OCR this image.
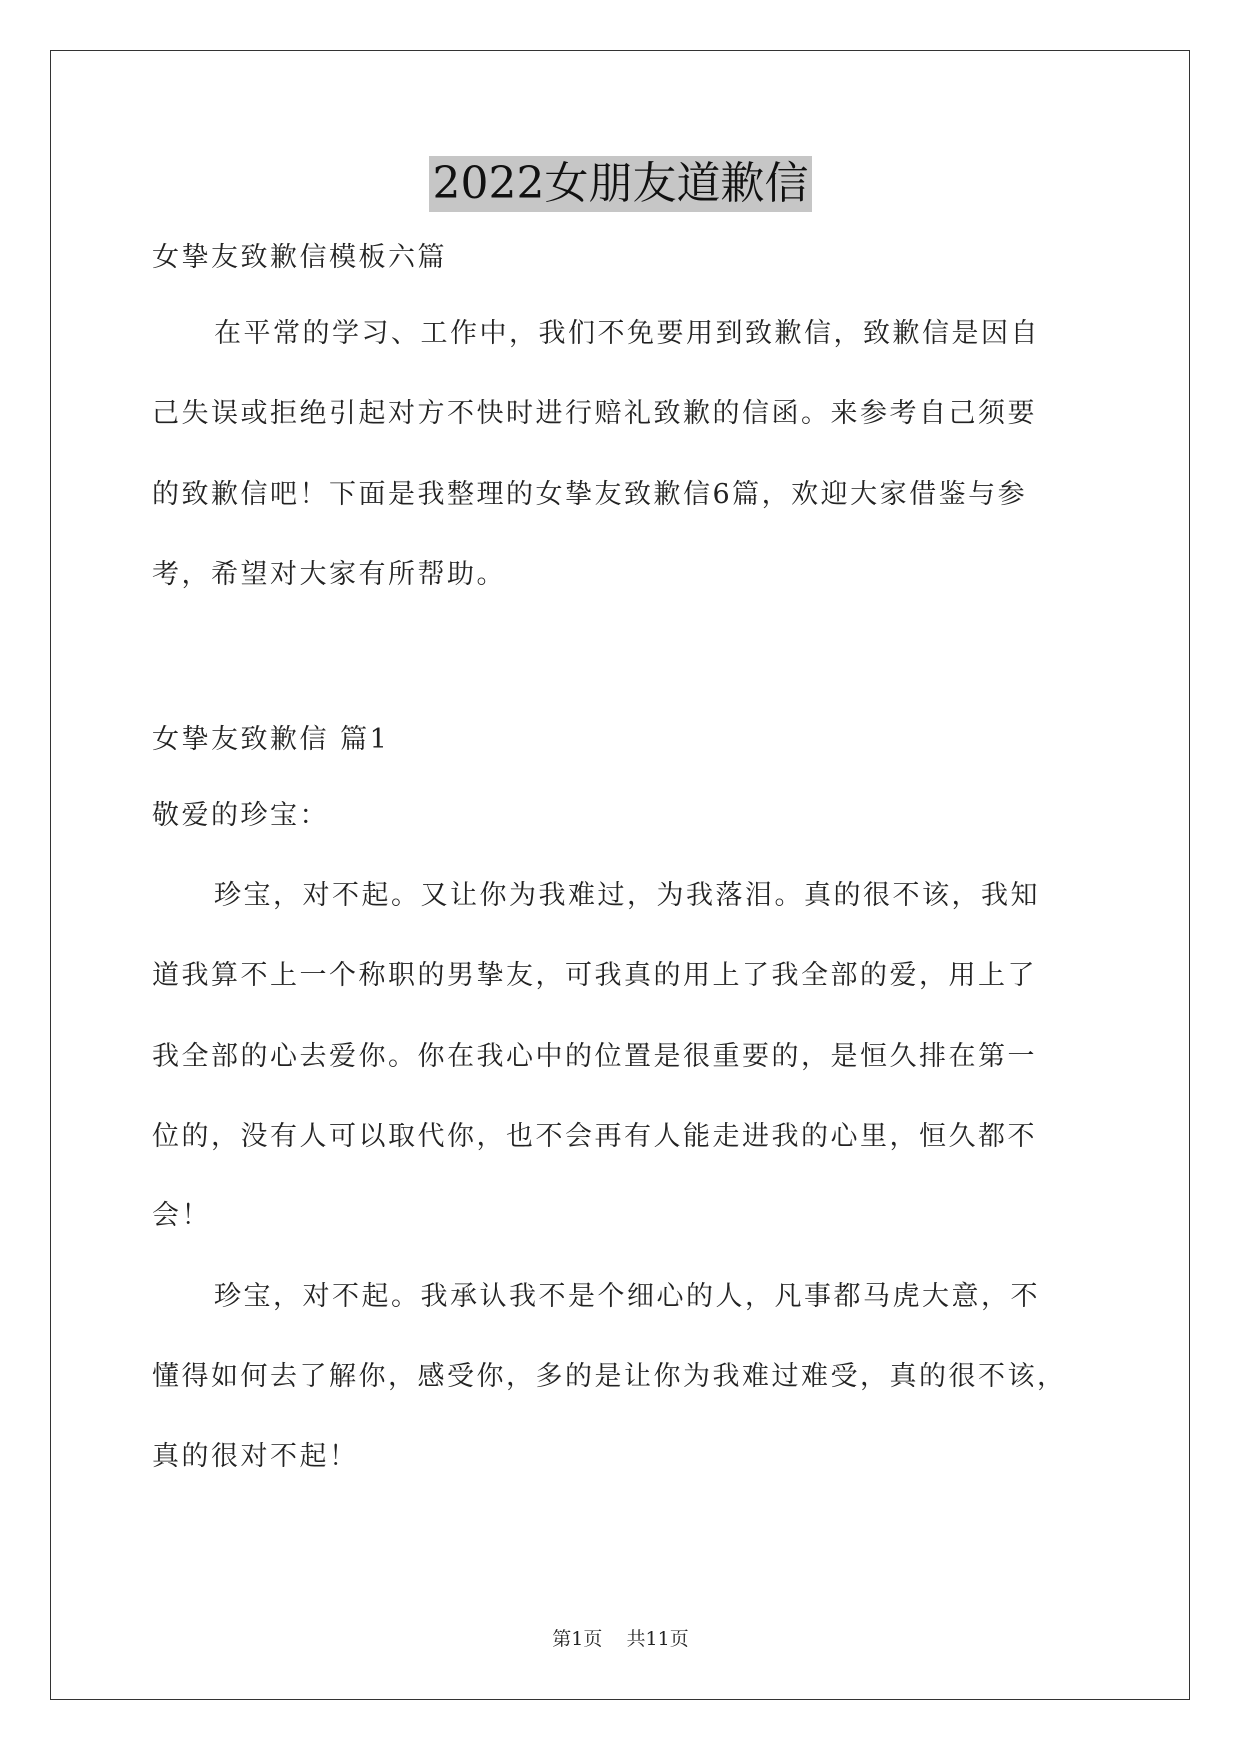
2022女朋友道歉信
女挚友致歉信模板六篇
在平常的学习、工作中，我们不免要用到致歉信，致歉信是因自
己失误或拒绝引起对方不快时进行赔礼致歉的信函。来参考自己须要
的致歉信吧！下面是我整理的女挚友致歉信6篇，欢迎大家借鉴与参
考，希望对大家有所帮助。
女挚友致歉信 篇1
敬爱的珍宝：
珍宝，对不起。又让你为我难过，为我落泪。真的很不该，我知
道我算不上一个称职的男挚友，可我真的用上了我全部的爱，用上了
我全部的心去爱你。你在我心中的位置是很重要的，是恒久排在第一
位的，没有人可以取代你，也不会再有人能走进我的心里，恒久都不
会！
珍宝，对不起。我承认我不是个细心的人，凡事都马虎大意，不
懂得如何去了解你，感受你，多的是让你为我难过难受，真的很不该，
真的很对不起！
第1页 共11页
